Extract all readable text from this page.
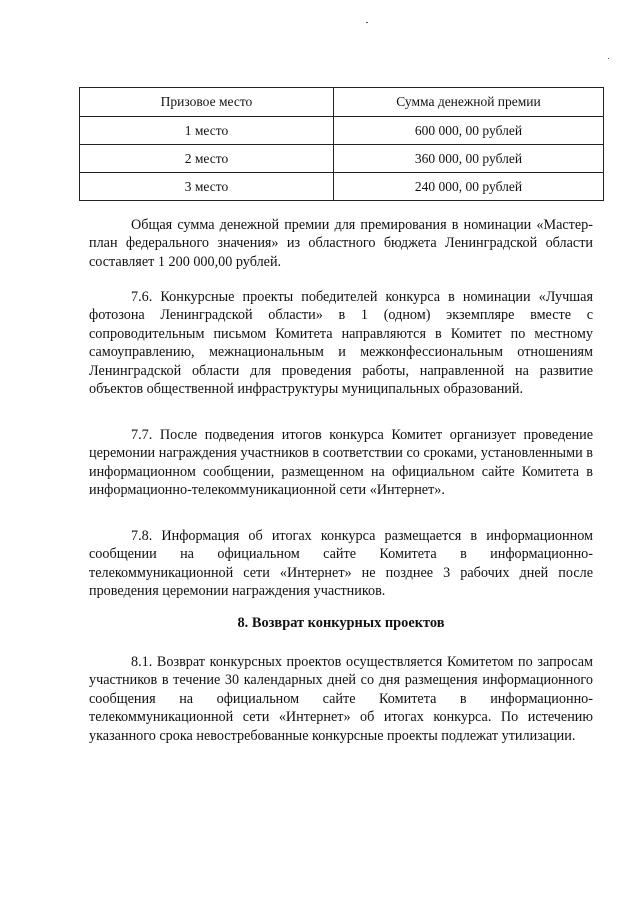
Призовое место	Сумма денежной премии
1 место	600 000, 00 рублей
2 место	360 000, 00 рублей
3 место	240 000, 00 рублей
Общая сумма денежной премии для премирования в номинации «Мастер-план федерального значения» из областного бюджета Ленинградской области составляет 1 200 000,00 рублей.
7.6. Конкурсные проекты победителей конкурса в номинации «Лучшая фотозона Ленинградской области» в 1 (одном) экземпляре вместе с сопроводительным письмом Комитета направляются в Комитет по местному самоуправлению, межнациональным и межконфессиональным отношениям Ленинградской области для проведения работы, направленной на развитие объектов общественной инфраструктуры муниципальных образований.
7.7. После подведения итогов конкурса Комитет организует проведение церемонии награждения участников в соответствии со сроками, установленными в информационном сообщении, размещенном на официальном сайте Комитета в информационно-телекоммуникационной сети «Интернет».
7.8. Информация об итогах конкурса размещается в информационном сообщении на официальном сайте Комитета в информационно-телекоммуникационной сети «Интернет» не позднее 3 рабочих дней после проведения церемонии награждения участников.
8. Возврат конкурных проектов
8.1. Возврат конкурсных проектов осуществляется Комитетом по запросам участников в течение 30 календарных дней со дня размещения информационного сообщения на официальном сайте Комитета в информационно-телекоммуникационной сети «Интернет» об итогах конкурса. По истечению указанного срока невостребованные конкурсные проекты подлежат утилизации.
